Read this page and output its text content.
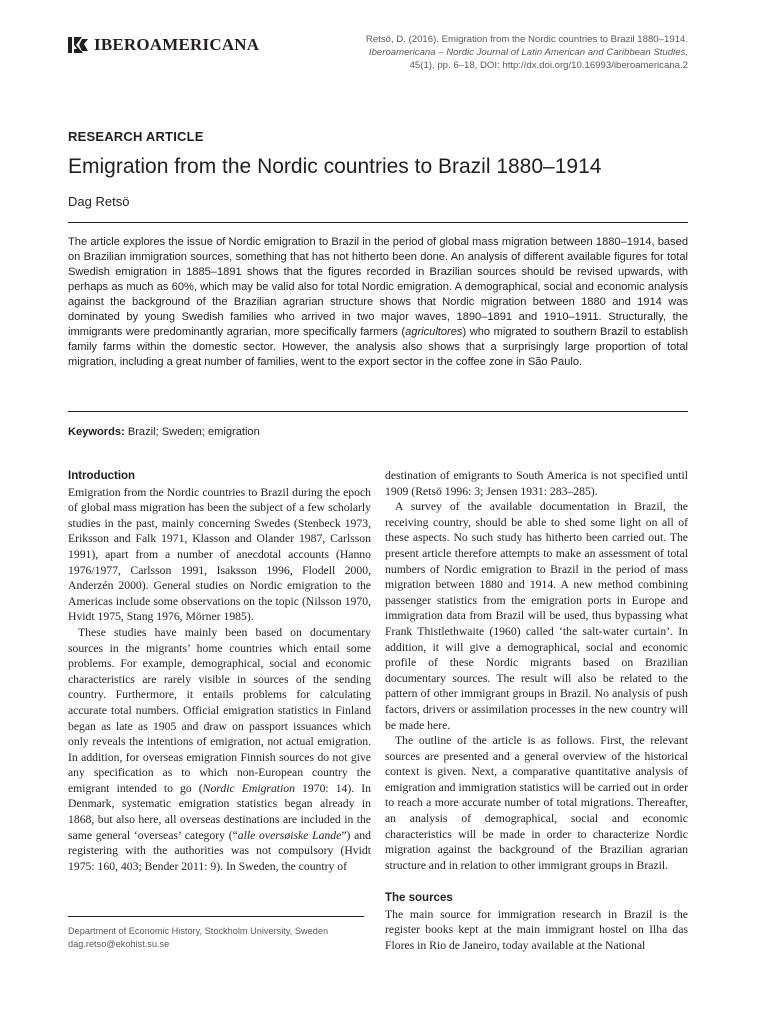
IBEROAMERICANA	Retsö, D. (2016). Emigration from the Nordic countries to Brazil 1880–1914.
Iberoamericana – Nordic Journal of Latin American and Caribbean Studies,
45(1), pp. 6–18, DOI: http://dx.doi.org/10.16993/iberoamericana.2
RESEARCH ARTICLE
Emigration from the Nordic countries to Brazil 1880–1914
Dag Retsö
The article explores the issue of Nordic emigration to Brazil in the period of global mass migration between 1880–1914, based on Brazilian immigration sources, something that has not hitherto been done. An analysis of different available figures for total Swedish emigration in 1885–1891 shows that the figures recorded in Brazilian sources should be revised upwards, with perhaps as much as 60%, which may be valid also for total Nordic emigration. A demographical, social and economic analysis against the background of the Brazilian agrarian structure shows that Nordic migration between 1880 and 1914 was dominated by young Swedish families who arrived in two major waves, 1890–1891 and 1910–1911. Structurally, the immigrants were predominantly agrarian, more specifically farmers (agricultores) who migrated to southern Brazil to establish family farms within the domestic sector. However, the analysis also shows that a surprisingly large proportion of total migration, including a great number of families, went to the export sector in the coffee zone in São Paulo.
Keywords: Brazil; Sweden; emigration
Introduction

Emigration from the Nordic countries to Brazil during the epoch of global mass migration has been the subject of a few scholarly studies in the past, mainly concerning Swedes (Stenbeck 1973, Eriksson and Falk 1971, Klasson and Olander 1987, Carlsson 1991), apart from a number of anecdotal accounts (Hanno 1976/1977, Carlsson 1991, Isaksson 1996, Flodell 2000, Anderzén 2000). General studies on Nordic emigration to the Americas include some observations on the topic (Nilsson 1970, Hvidt 1975, Stang 1976, Mörner 1985).

These studies have mainly been based on documentary sources in the migrants’ home countries which entail some problems. For example, demographical, social and economic characteristics are rarely visible in sources of the sending country. Furthermore, it entails problems for calculating accurate total numbers. Official emigration statistics in Finland began as late as 1905 and draw on passport issuances which only reveals the intentions of emigration, not actual emigration. In addition, for overseas emigration Finnish sources do not give any specification as to which non-European country the emigrant intended to go (Nordic Emigration 1970: 14). In Denmark, systematic emigration statistics began already in 1868, but also here, all overseas destinations are included in the same general ‘overseas’ category (“alle oversøiske Lande”) and registering with the authorities was not compulsory (Hvidt 1975: 160, 403; Bender 2011: 9). In Sweden, the country of

destination of emigrants to South America is not specified until 1909 (Retsö 1996: 3; Jensen 1931: 283–285).

A survey of the available documentation in Brazil, the receiving country, should be able to shed some light on all of these aspects. No such study has hitherto been carried out. The present article therefore attempts to make an assessment of total numbers of Nordic emigration to Brazil in the period of mass migration between 1880 and 1914. A new method combining passenger statistics from the emigration ports in Europe and immigration data from Brazil will be used, thus bypassing what Frank Thistlethwaite (1960) called ‘the salt-water curtain’. In addition, it will give a demographical, social and economic profile of these Nordic migrants based on Brazilian documentary sources. The result will also be related to the pattern of other immigrant groups in Brazil. No analysis of push factors, drivers or assimilation processes in the new country will be made here.

The outline of the article is as follows. First, the relevant sources are presented and a general overview of the historical context is given. Next, a comparative quantitative analysis of emigration and immigration statistics will be carried out in order to reach a more accurate number of total migrations. Thereafter, an analysis of demographical, social and economic characteristics will be made in order to characterize Nordic migration against the background of the Brazilian agrarian structure and in relation to other immigrant groups in Brazil.

The sources

The main source for immigration research in Brazil is the register books kept at the main immigrant hostel on Ilha das Flores in Rio de Janeiro, today available at the National

Department of Economic History, Stockholm University, Sweden
dag.retso@ekohist.su.se
